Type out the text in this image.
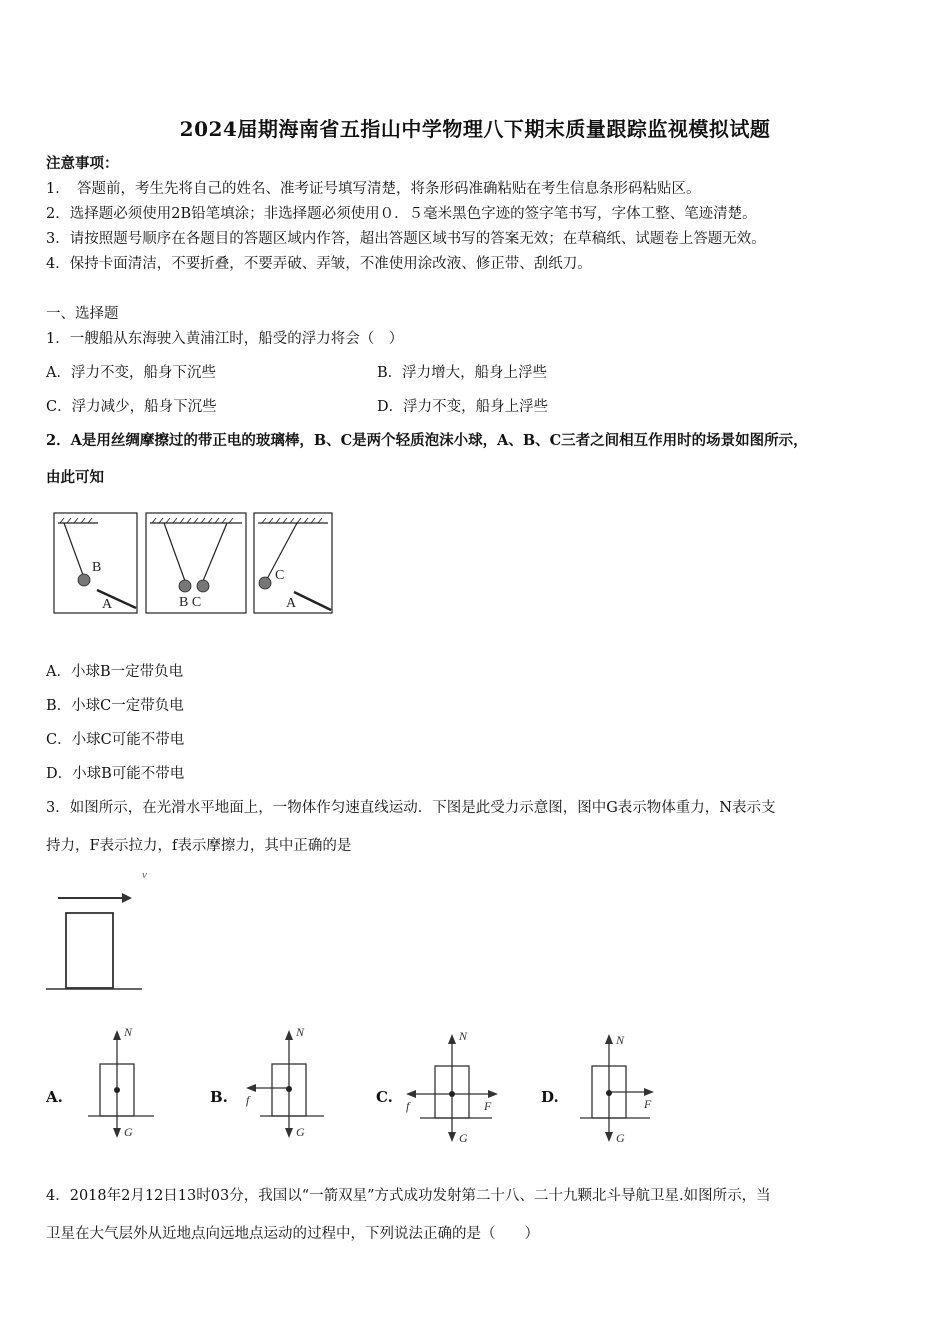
2024届期海南省五指山中学物理八下期末质量跟踪监视模拟试题
注意事项：
1．　答题前，考生先将自己的姓名、准考证号填写清楚，将条形码准确粘贴在考生信息条形码粘贴区。
2．选择题必须使用2B铅笔填涂；非选择题必须使用０．５毫米黑色字迹的签字笔书写，字体工整、笔迹清楚。
3．请按照题号顺序在各题目的答题区域内作答，超出答题区域书写的答案无效；在草稿纸、试题卷上答题无效。
4．保持卡面清洁，不要折叠，不要弄破、弄皱，不准使用涂改液、修正带、刮纸刀。
一、选择题
1．一艘船从东海驶入黄浦江时，船受的浮力将会（　）
A．浮力不变，船身下沉些	B．浮力增大，船身上浮些
C．浮力减少，船身下沉些	D．浮力不变，船身上浮些
2．A是用丝绸摩擦过的带正电的玻璃棒，B、C是两个轻质泡沫小球，A、B、C三者之间相互作用时的场景如图所示，
由此可知
B
A	B C
C
A
A．小球B一定带负电
B．小球C一定带负电
C．小球C可能不带电
D．小球B可能不带电
3．如图所示，在光滑水平地面上，一物体作匀速直线运动．下图是此受力示意图，图中G表示物体重力，N表示支
持力，F表示拉力，f表示摩擦力，其中正确的是
v
A.	B.	C.	D.
N
G
N
G
f
N
G
f	F
N
G
F
4．2018年2月12日13时03分，我国以“一箭双星”方式成功发射第二十八、二十九颗北斗导航卫星.如图所示，当
卫星在大气层外从近地点向远地点运动的过程中，下列说法正确的是（　　）
